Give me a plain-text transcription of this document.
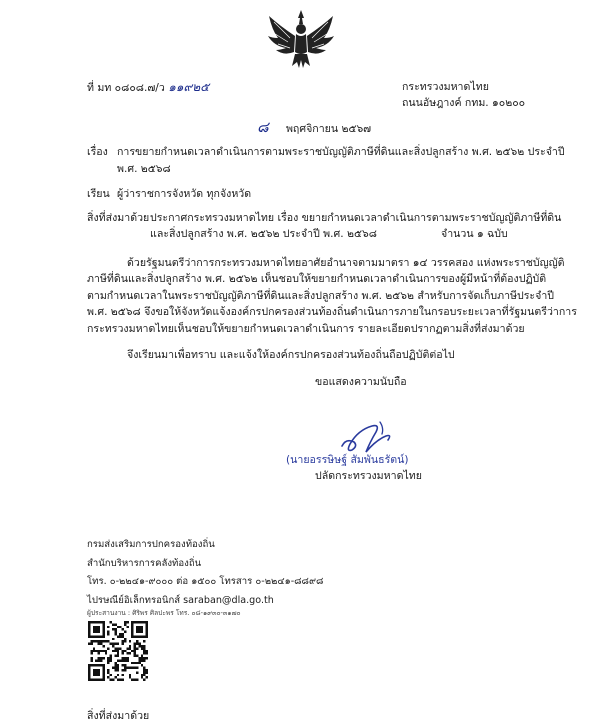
ที่ มท ๐๘๐๘.๗/ว ๑๑๙๒๕	กระทรวงมหาดไทย
ถนนอัษฎางค์ กทม. ๑๐๒๐๐
๘ พฤศจิกายน ๒๕๖๗
เรื่อง การขยายกำหนดเวลาดำเนินการตามพระราชบัญญัติภาษีที่ดินและสิ่งปลูกสร้าง พ.ศ. ๒๕๖๒ ประจำปี
พ.ศ. ๒๕๖๘
เรียน ผู้ว่าราชการจังหวัด ทุกจังหวัด
สิ่งที่ส่งมาด้วย ประกาศกระทรวงมหาดไทย เรื่อง ขยายกำหนดเวลาดำเนินการตามพระราชบัญญัติภาษีที่ดิน
และสิ่งปลูกสร้าง พ.ศ. ๒๕๖๒ ประจำปี พ.ศ. ๒๕๖๘	จำนวน ๑ ฉบับ
ด้วยรัฐมนตรีว่าการกระทรวงมหาดไทยอาศัยอำนาจตามมาตรา ๑๔ วรรคสอง แห่งพระราชบัญญัติ
ภาษีที่ดินและสิ่งปลูกสร้าง พ.ศ. ๒๕๖๒ เห็นชอบให้ขยายกำหนดเวลาดำเนินการของผู้มีหน้าที่ต้องปฏิบัติ
ตามกำหนดเวลาในพระราชบัญญัติภาษีที่ดินและสิ่งปลูกสร้าง พ.ศ. ๒๕๖๒ สำหรับการจัดเก็บภาษีประจำปี
พ.ศ. ๒๕๖๘ จึงขอให้จังหวัดแจ้งองค์กรปกครองส่วนท้องถิ่นดำเนินการภายในกรอบระยะเวลาที่รัฐมนตรีว่าการ
กระทรวงมหาดไทยเห็นชอบให้ขยายกำหนดเวลาดำเนินการ รายละเอียดปรากฏตามสิ่งที่ส่งมาด้วย
จึงเรียนมาเพื่อทราบ และแจ้งให้องค์กรปกครองส่วนท้องถิ่นถือปฏิบัติต่อไป
ขอแสดงความนับถือ
(นายอรรษิษฐ์ สัมพันธรัตน์)
ปลัดกระทรวงมหาดไทย
กรมส่งเสริมการปกครองท้องถิ่น
สำนักบริหารการคลังท้องถิ่น
โทร. ๐-๒๒๔๑-๙๐๐๐ ต่อ ๑๕๐๐ โทรสาร ๐-๒๒๔๑-๘๘๙๘
ไปรษณีย์อิเล็กทรอนิกส์ saraban@dla.go.th
ผู้ประสานงาน : ศิริพร ศิลปะพร โทร. ๐๘-๑๙๓๐-๓๑๗๐
สิ่งที่ส่งมาด้วย
